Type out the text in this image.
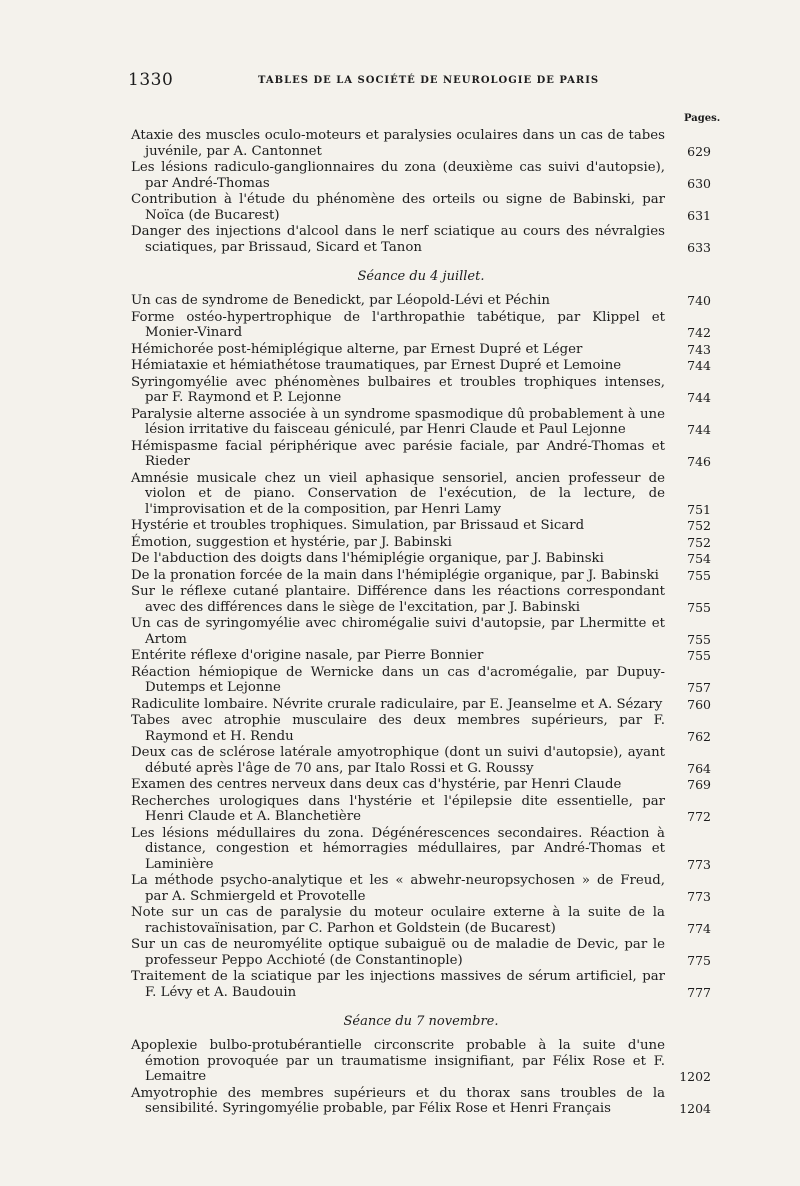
1330	TABLES DE LA SOCIÉTÉ DE NEUROLOGIE DE PARIS
Pages.
Ataxie des muscles oculo-moteurs et paralysies oculaires dans un cas de tabes juvénile, par A. Cantonnet	629
Les lésions radiculo-ganglionnaires du zona (deuxième cas suivi d'autopsie), par André-Thomas	630
Contribution à l'étude du phénomène des orteils ou signe de Babinski, par Noïca (de Bucarest)	631
Danger des injections d'alcool dans le nerf sciatique au cours des névralgies sciatiques, par Brissaud, Sicard et Tanon	633
Séance du 4 juillet.
Un cas de syndrome de Benedickt, par Léopold-Lévi et Péchin	740
Forme ostéo-hypertrophique de l'arthropathie tabétique, par Klippel et Monier-Vinard	742
Hémichorée post-hémiplégique alterne, par Ernest Dupré et Léger	743
Hémiataxie et hémiathétose traumatiques, par Ernest Dupré et Lemoine	744
Syringomyélie avec phénomènes bulbaires et troubles trophiques intenses, par F. Raymond et P. Lejonne	744
Paralysie alterne associée à un syndrome spasmodique dû probablement à une lésion irritative du faisceau géniculé, par Henri Claude et Paul Lejonne	744
Hémispasme facial périphérique avec parésie faciale, par André-Thomas et Rieder	746
Amnésie musicale chez un vieil aphasique sensoriel, ancien professeur de violon et de piano. Conservation de l'exécution, de la lecture, de l'improvisation et de la composition, par Henri Lamy	751
Hystérie et troubles trophiques. Simulation, par Brissaud et Sicard	752
Émotion, suggestion et hystérie, par J. Babinski	752
De l'abduction des doigts dans l'hémiplégie organique, par J. Babinski	754
De la pronation forcée de la main dans l'hémiplégie organique, par J. Babinski	755
Sur le réflexe cutané plantaire. Différence dans les réactions correspondant avec des différences dans le siège de l'excitation, par J. Babinski	755
Un cas de syringomyélie avec chiromégalie suivi d'autopsie, par Lhermitte et Artom	755
Entérite réflexe d'origine nasale, par Pierre Bonnier	755
Réaction hémiopique de Wernicke dans un cas d'acromégalie, par Dupuy-Dutemps et Lejonne	757
Radiculite lombaire. Névrite crurale radiculaire, par E. Jeanselme et A. Sézary	760
Tabes avec atrophie musculaire des deux membres supérieurs, par F. Raymond et H. Rendu	762
Deux cas de sclérose latérale amyotrophique (dont un suivi d'autopsie), ayant débuté après l'âge de 70 ans, par Italo Rossi et G. Roussy	764
Examen des centres nerveux dans deux cas d'hystérie, par Henri Claude	769
Recherches urologiques dans l'hystérie et l'épilepsie dite essentielle, par Henri Claude et A. Blanchetière	772
Les lésions médullaires du zona. Dégénérescences secondaires. Réaction à distance, congestion et hémorragies médullaires, par André-Thomas et Laminière	773
La méthode psycho-analytique et les « abwehr-neuropsychosen » de Freud, par A. Schmiergeld et Provotelle	773
Note sur un cas de paralysie du moteur oculaire externe à la suite de la rachistovaïnisation, par C. Parhon et Goldstein (de Bucarest)	774
Sur un cas de neuromyélite optique subaiguë ou de maladie de Devic, par le professeur Peppo Acchioté (de Constantinople)	775
Traitement de la sciatique par les injections massives de sérum artificiel, par F. Lévy et A. Baudouin	777
Séance du 7 novembre.
Apoplexie bulbo-protubérantielle circonscrite probable à la suite d'une émotion provoquée par un traumatisme insignifiant, par Félix Rose et F. Lemaitre	1202
Amyotrophie des membres supérieurs et du thorax sans troubles de la sensibilité. Syringomyélie probable, par Félix Rose et Henri Français	1204
